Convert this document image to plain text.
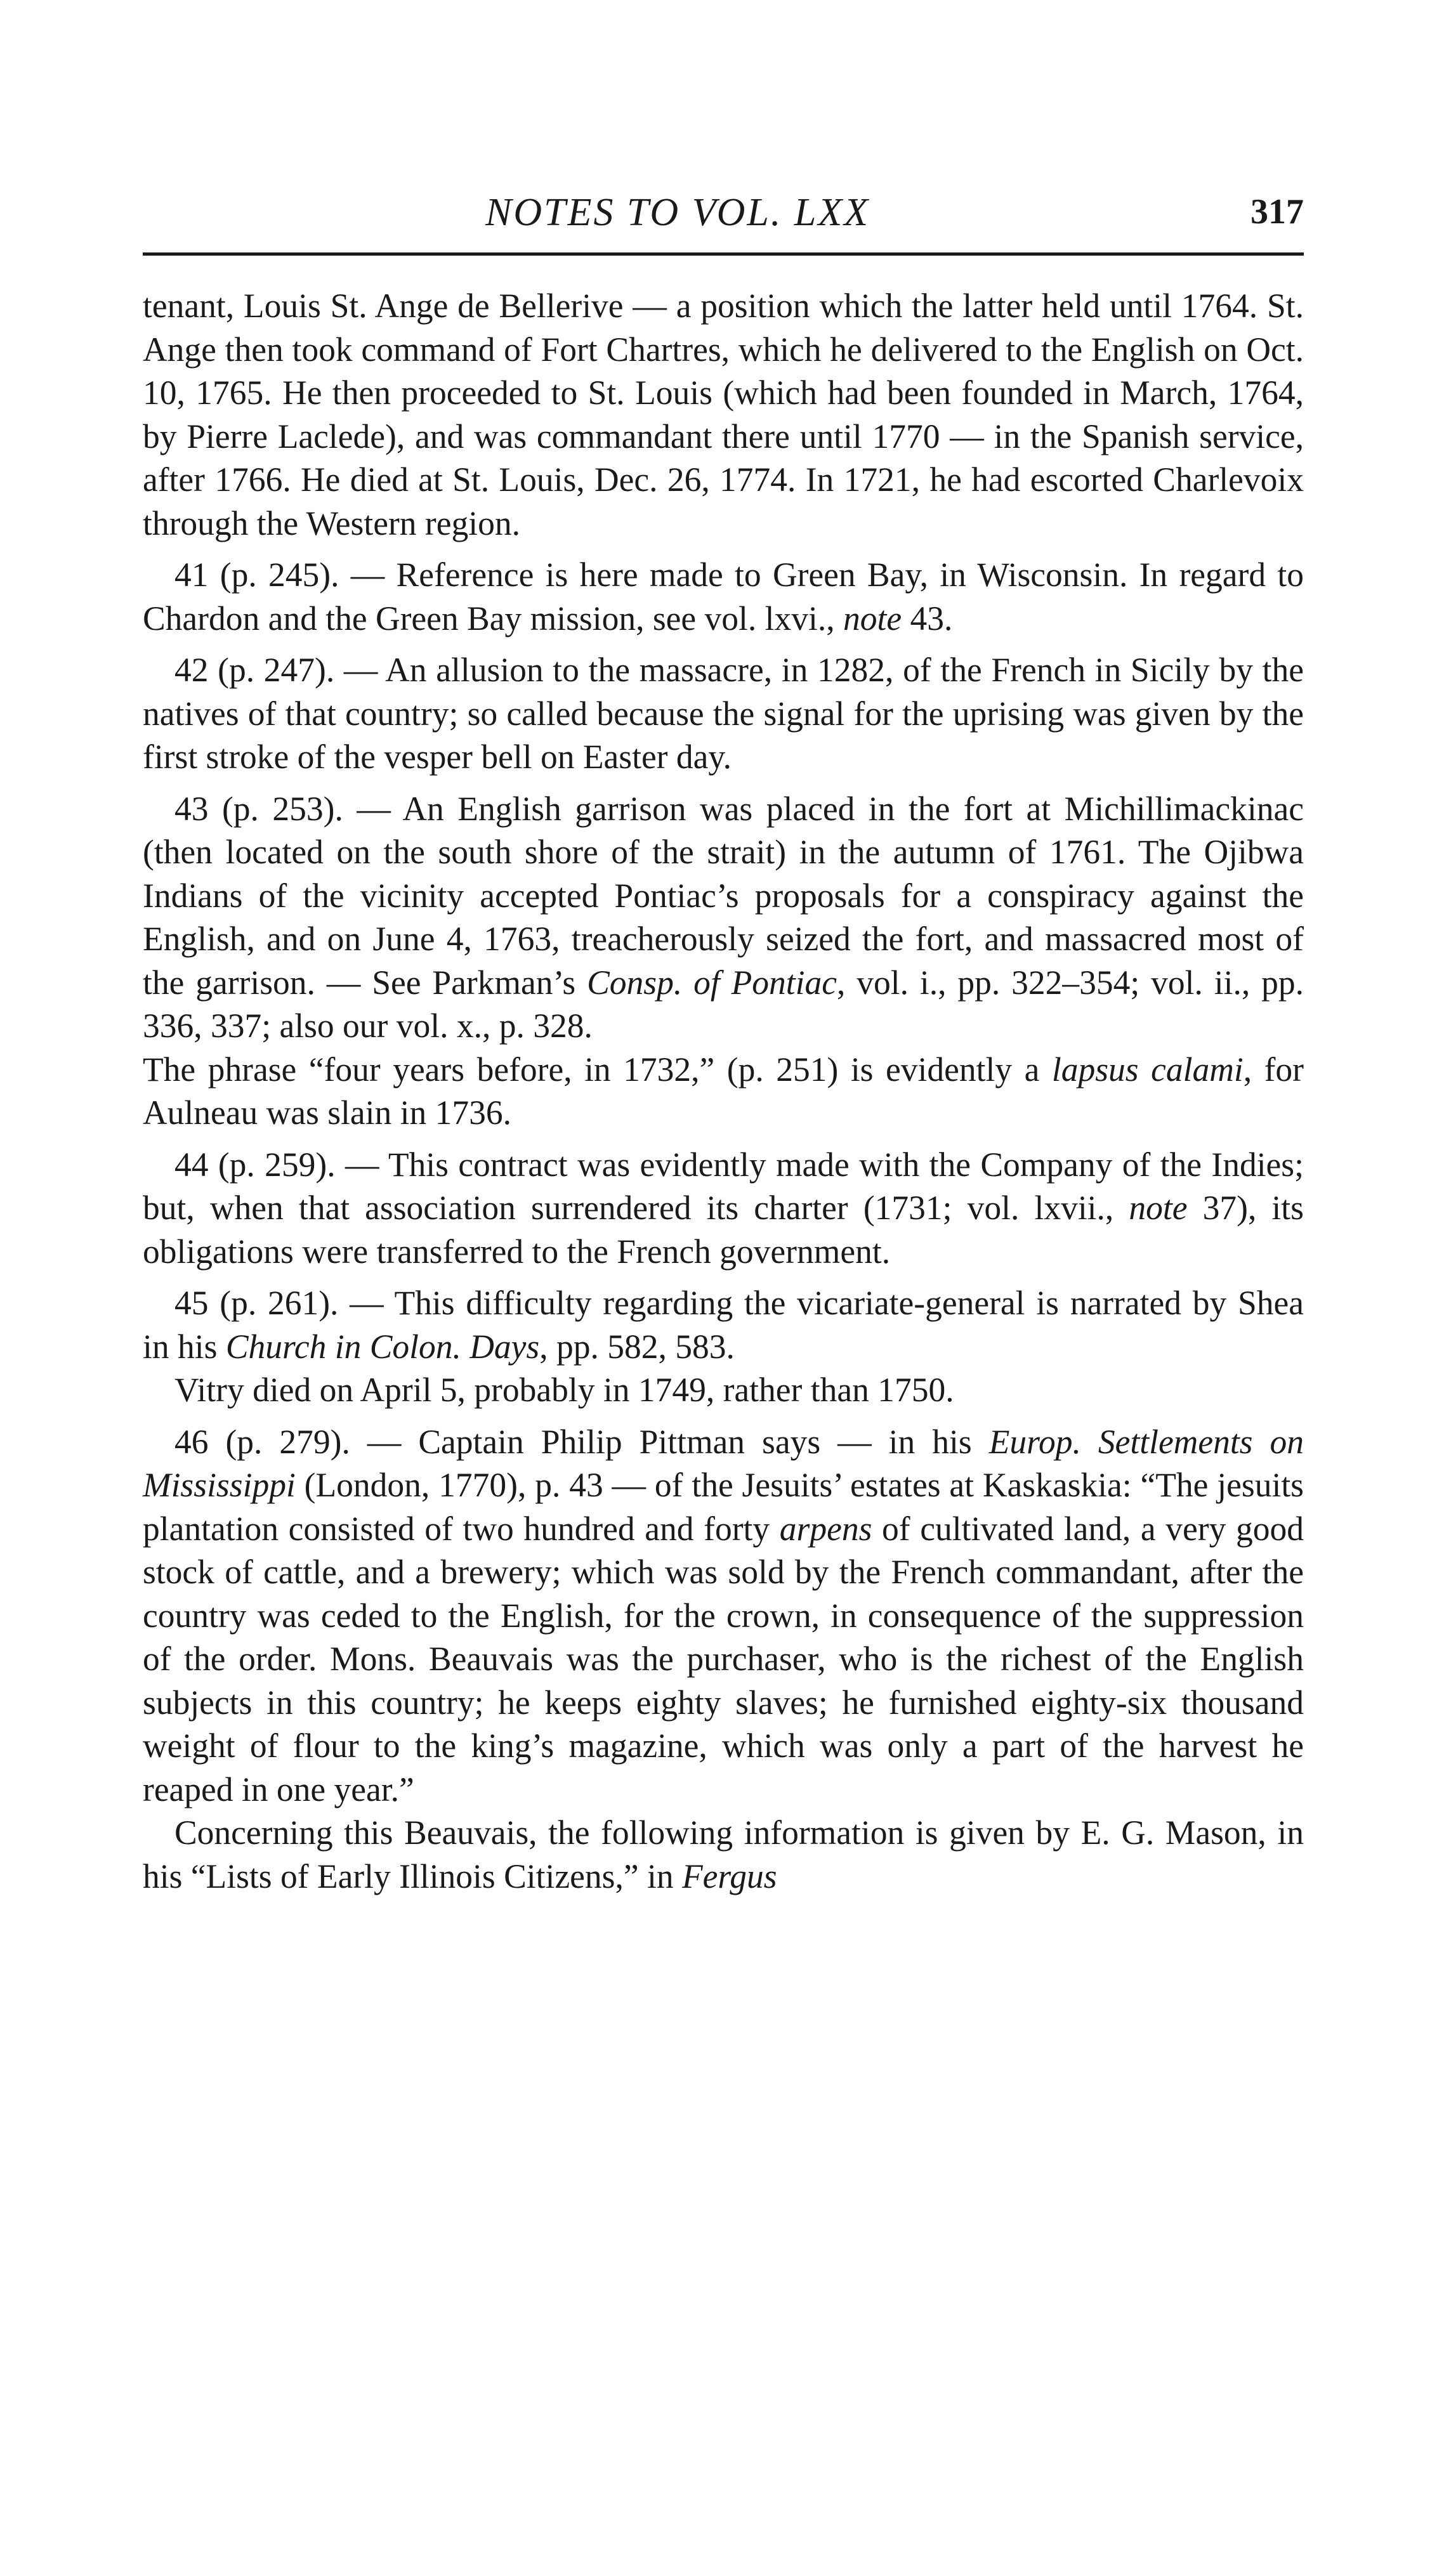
NOTES TO VOL. LXX	317

tenant, Louis St. Ange de Bellerive — a position which the latter held until 1764. St. Ange then took command of Fort Chartres, which he delivered to the English on Oct. 10, 1765. He then proceeded to St. Louis (which had been founded in March, 1764, by Pierre Laclede), and was commandant there until 1770 — in the Spanish service, after 1766. He died at St. Louis, Dec. 26, 1774. In 1721, he had escorted Charlevoix through the Western region.

41 (p. 245). — Reference is here made to Green Bay, in Wisconsin. In regard to Chardon and the Green Bay mission, see vol. lxvi., note 43.

42 (p. 247). — An allusion to the massacre, in 1282, of the French in Sicily by the natives of that country; so called because the signal for the uprising was given by the first stroke of the vesper bell on Easter day.

43 (p. 253). — An English garrison was placed in the fort at Michillimackinac (then located on the south shore of the strait) in the autumn of 1761. The Ojibwa Indians of the vicinity accepted Pontiac’s proposals for a conspiracy against the English, and on June 4, 1763, treacherously seized the fort, and massacred most of the garrison. — See Parkman’s Consp. of Pontiac, vol. i., pp. 322–354; vol. ii., pp. 336, 337; also our vol. x., p. 328.

The phrase “four years before, in 1732,” (p. 251) is evidently a lapsus calami, for Aulneau was slain in 1736.

44 (p. 259). — This contract was evidently made with the Company of the Indies; but, when that association surrendered its charter (1731; vol. lxvii., note 37), its obligations were transferred to the French government.

45 (p. 261). — This difficulty regarding the vicariate-general is narrated by Shea in his Church in Colon. Days, pp. 582, 583.

Vitry died on April 5, probably in 1749, rather than 1750.

46 (p. 279). — Captain Philip Pittman says — in his Europ. Settlements on Mississippi (London, 1770), p. 43 — of the Jesuits’ estates at Kaskaskia: “The jesuits plantation consisted of two hundred and forty arpens of cultivated land, a very good stock of cattle, and a brewery; which was sold by the French commandant, after the country was ceded to the English, for the crown, in consequence of the suppression of the order. Mons. Beauvais was the purchaser, who is the richest of the English subjects in this country; he keeps eighty slaves; he furnished eighty-six thousand weight of flour to the king’s magazine, which was only a part of the harvest he reaped in one year.”

Concerning this Beauvais, the following information is given by E. G. Mason, in his “Lists of Early Illinois Citizens,” in Fergus
